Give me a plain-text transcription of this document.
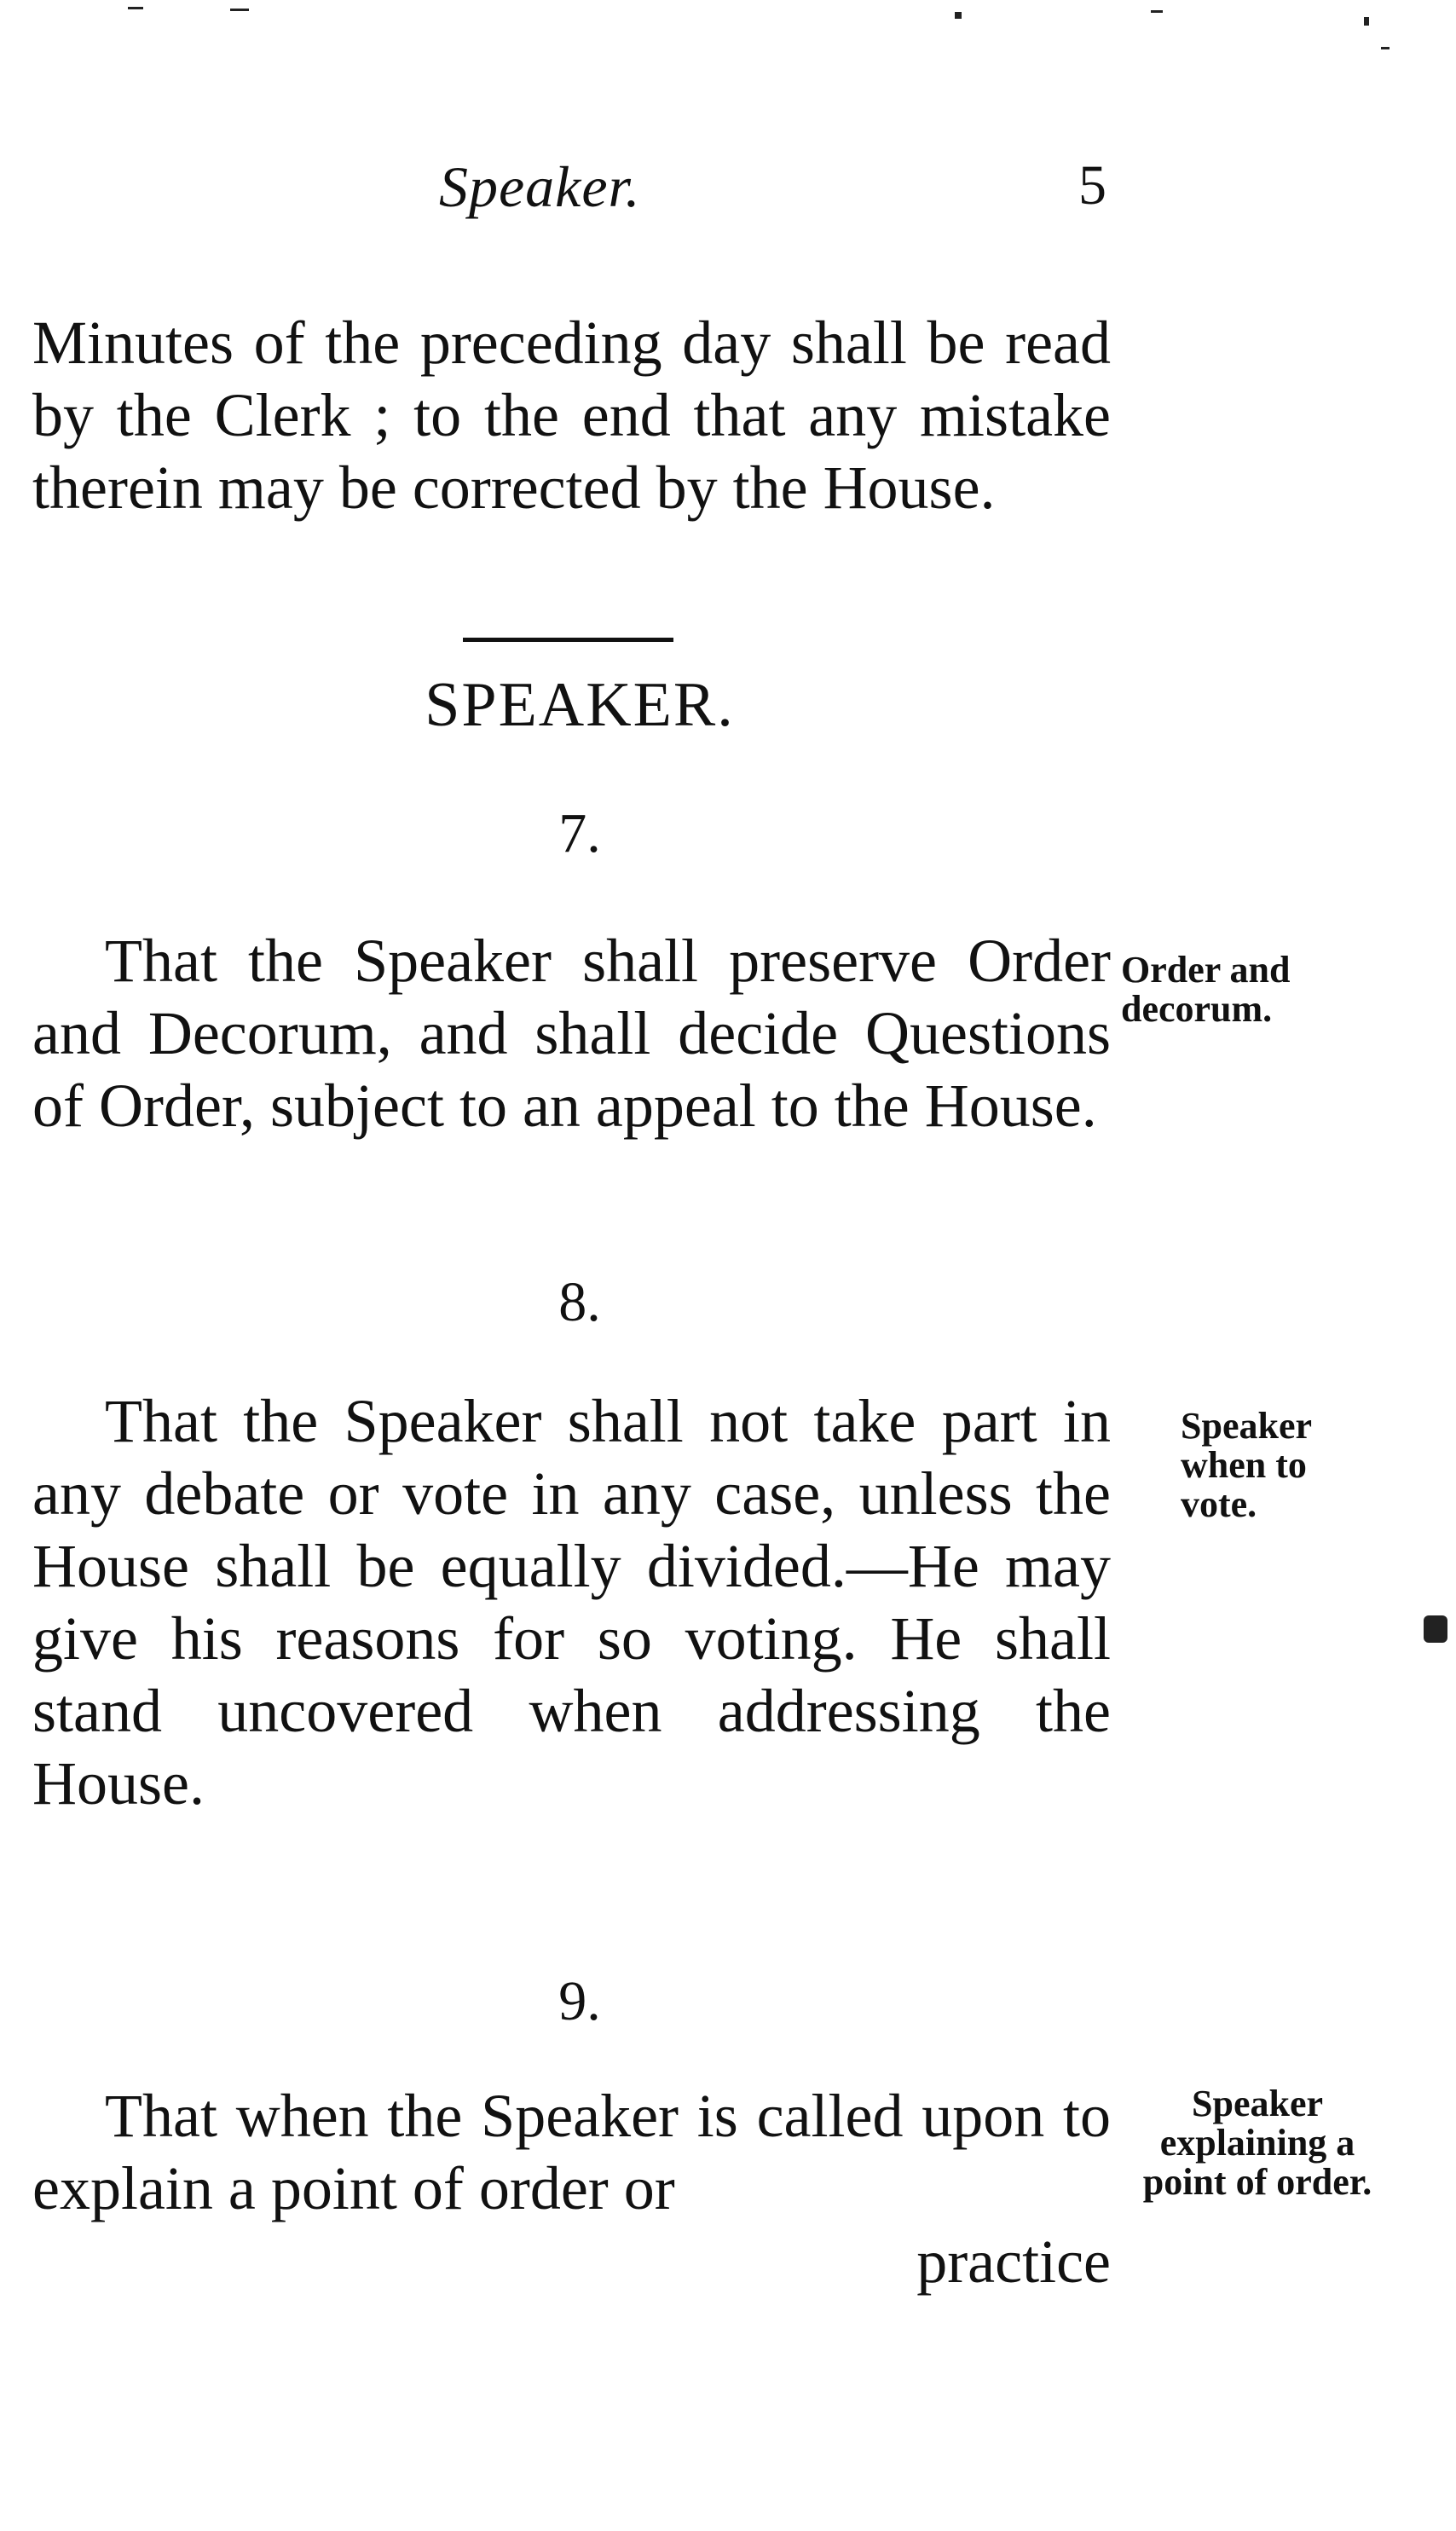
Speaker.	5
Minutes of the preceding day shall be read by the Clerk ; to the end that any mistake therein may be corrected by the House.
SPEAKER.
7.
That the Speaker shall preserve Order and Decorum, and shall decide Questions of Order, subject to an appeal to the House.
Order and decorum.
8.
That the Speaker shall not take part in any debate or vote in any case, unless the House shall be equally divided.—He may give his reasons for so voting. He shall stand uncovered when addressing the House.
Speaker when to vote.
9.
That when the Speaker is called upon to explain a point of order or
practice
Speaker explaining a point of order.
